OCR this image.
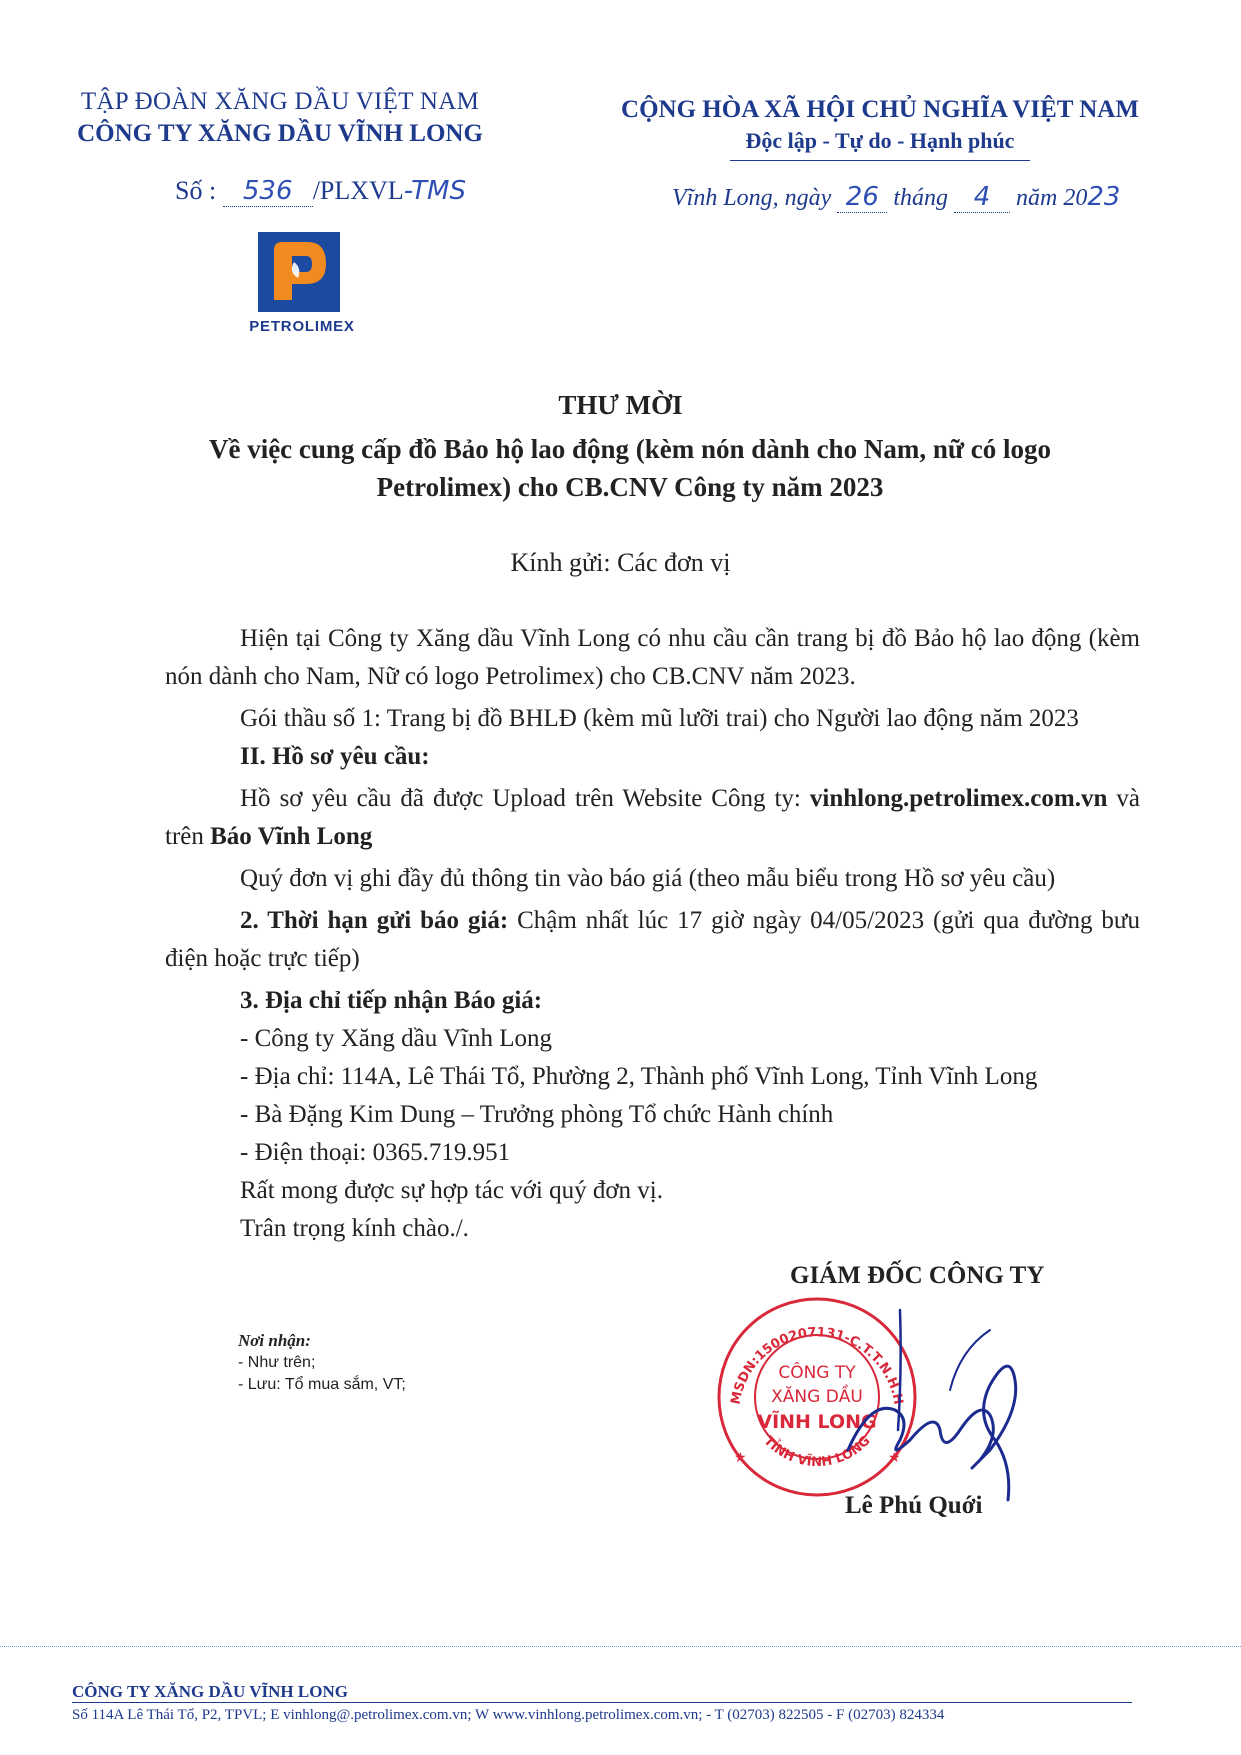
TẬP ĐOÀN XĂNG DẦU VIỆT NAM
CÔNG TY XĂNG DẦU VĨNH LONG
CỘNG HÒA XÃ HỘI CHỦ NGHĨA VIỆT NAM
Độc lập - Tự do - Hạnh phúc
Số : 536 /PLXVL-TMS	Vĩnh Long, ngày 26 tháng 4 năm 2023
PETROLIMEX
THƯ MỜI
Về việc cung cấp đồ Bảo hộ lao động (kèm nón dành cho Nam, nữ có logo Petrolimex) cho CB.CNV Công ty năm 2023
Kính gửi: Các đơn vị

Hiện tại Công ty Xăng dầu Vĩnh Long có nhu cầu cần trang bị đồ Bảo hộ lao động (kèm nón dành cho Nam, Nữ có logo Petrolimex) cho CB.CNV năm 2023.

Gói thầu số 1: Trang bị đồ BHLĐ (kèm mũ lưỡi trai) cho Người lao động năm 2023

II. Hồ sơ yêu cầu:

Hồ sơ yêu cầu đã được Upload trên Website Công ty: vinhlong.petrolimex.com.vn và trên Báo Vĩnh Long

Quý đơn vị ghi đầy đủ thông tin vào báo giá (theo mẫu biểu trong Hồ sơ yêu cầu)

2. Thời hạn gửi báo giá: Chậm nhất lúc 17 giờ ngày 04/05/2023 (gửi qua đường bưu điện hoặc trực tiếp)

3. Địa chỉ tiếp nhận Báo giá:

- Công ty Xăng dầu Vĩnh Long

- Địa chỉ: 114A, Lê Thái Tổ, Phường 2, Thành phố Vĩnh Long, Tỉnh Vĩnh Long

- Bà Đặng Kim Dung – Trưởng phòng Tổ chức Hành chính

- Điện thoại: 0365.719.951

Rất mong được sự hợp tác với quý đơn vị.

Trân trọng kính chào./.

GIÁM ĐỐC CÔNG TY
Nơi nhận:
- Như trên;
- Lưu: Tổ mua sắm, VT;
MSDN:1500207131-C.T.T.N.H.H
TỈNH VĨNH LONG
CÔNG TY
XĂNG DẦU
VĨNH LONG
★	★
Lê Phú Quới
CÔNG TY XĂNG DẦU VĨNH LONG
Số 114A Lê Thái Tổ, P2, TPVL; E vinhlong@.petrolimex.com.vn; W www.vinhlong.petrolimex.com.vn; - T (02703) 822505 - F (02703) 824334
